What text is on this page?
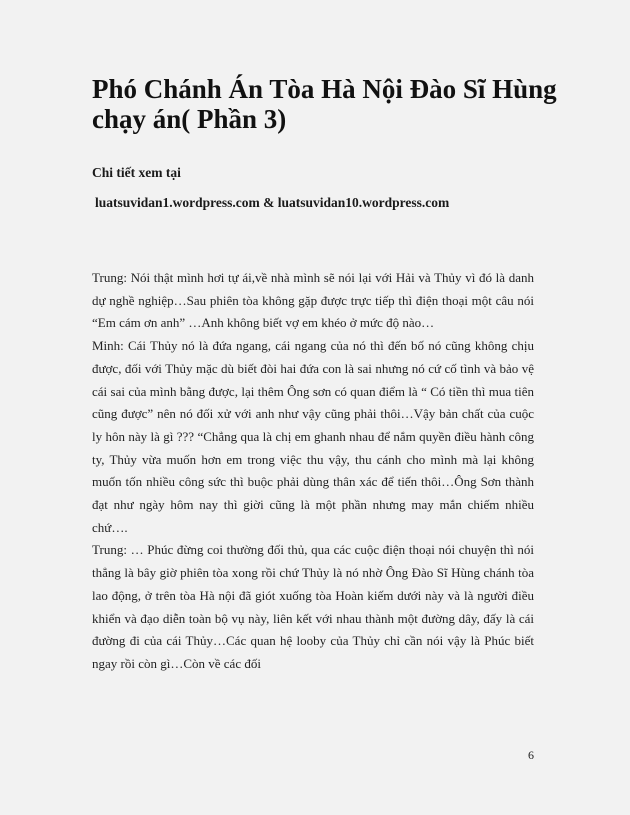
Phó Chánh Án Tòa Hà Nội Đào Sĩ Hùng chạy án( Phần 3)
Chi tiết xem tại
luatsuvidan1.wordpress.com & luatsuvidan10.wordpress.com

Trung: Nói thật mình hơi tự ái,về nhà mình sẽ nói lại với Hải và Thủy vì đó là danh dự nghề nghiệp…Sau phiên tòa không gặp được trực tiếp thì điện thoại một câu nói “Em cám ơn anh” …Anh không biết vợ em khéo ở mức độ nào…

Minh: Cái Thủy nó là đứa ngang, cái ngang của nó thì đến bố nó cũng không chịu được, đối với Thủy mặc dù biết đòi hai đứa con là sai nhưng nó cứ cố tình và bảo vệ cái sai của mình bằng được, lại thêm Ông sơn có quan điểm là “ Có tiền thì mua tiên cũng được” nên nó đối xử với anh như vậy cũng phải thôi…Vậy bản chất của cuộc ly hôn này là gì ??? “Chẳng qua là chị em ghanh nhau để nắm quyền điều hành công ty, Thủy vừa muốn hơn em trong việc thu vậy, thu cánh cho mình mà lại không muốn tốn nhiều công sức thì buộc phải dùng thân xác để tiến thôi…Ông Sơn thành đạt như ngày hôm nay thì giời cũng là một phần nhưng may mắn chiếm nhiều chứ….

Trung: … Phúc đừng coi thường đối thủ, qua các cuộc điện thoại nói chuyện thì nói thẳng là bây giờ phiên tòa xong rồi chứ Thủy là nó nhờ Ông Đào Sĩ Hùng chánh tòa lao động, ở trên tòa Hà nội đã giót xuống tòa Hoàn kiếm dưới này và là người điều khiển và đạo diễn toàn bộ vụ này, liên kết với nhau thành một đường dây, đấy là cái đường đi của cái Thủy…Các quan hệ looby của Thủy chỉ cần nói vậy là Phúc biết ngay rồi còn gì…Còn về các đối

6
